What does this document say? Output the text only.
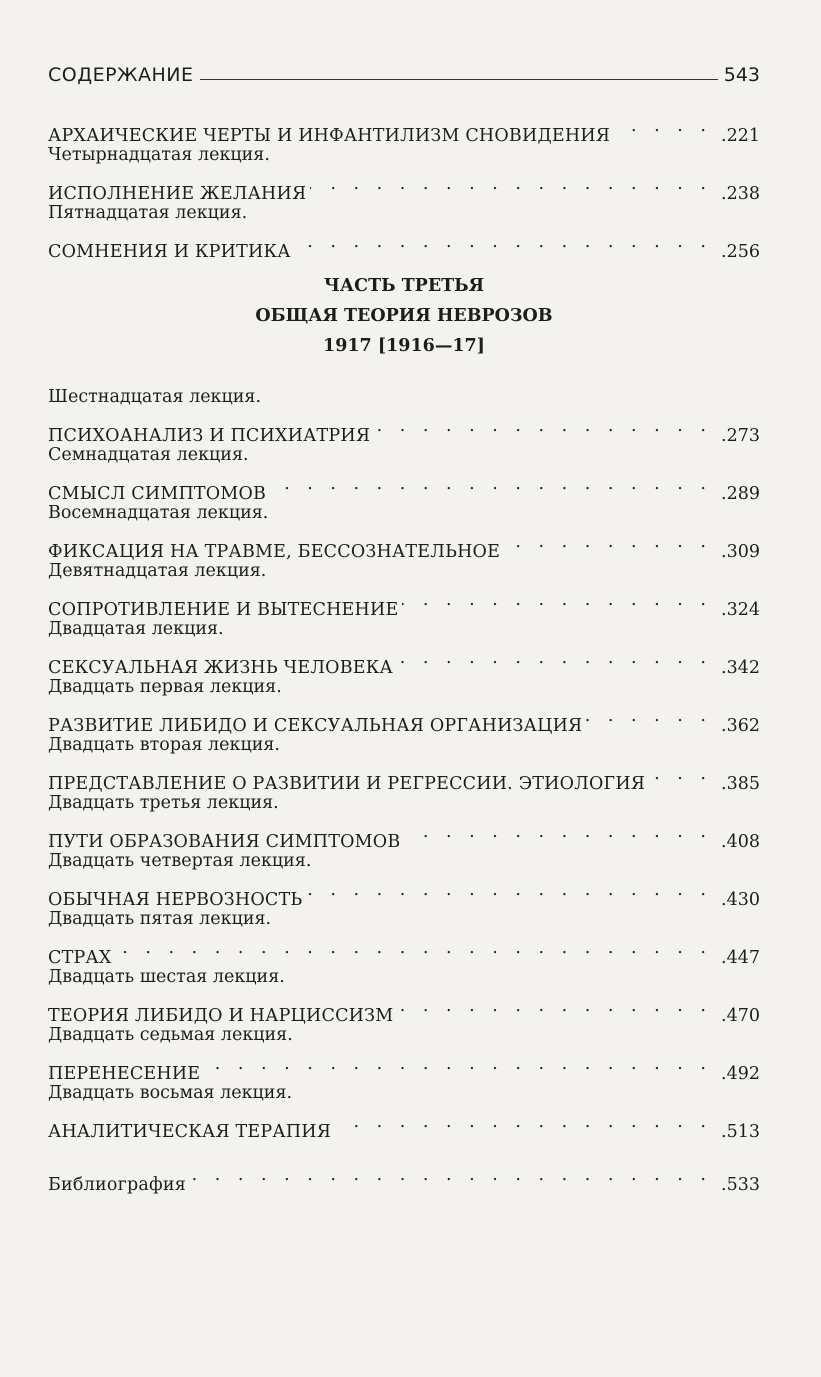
СОДЕРЖАНИЕ	543
АРХАИЧЕСКИЕ ЧЕРТЫ И ИНФАНТИЛИЗМ СНОВИДЕНИЯ . . .	.221
Четырнадцатая лекция.
ИСПОЛНЕНИЕ ЖЕЛАНИЯ . . .	.238
Пятнадцатая лекция.
СОМНЕНИЯ И КРИТИКА . . .	.256
ЧАСТЬ ТРЕТЬЯ
ОБЩАЯ ТЕОРИЯ НЕВРОЗОВ
1917 [1916—17]
Шестнадцатая лекция.
ПСИХОАНАЛИЗ И ПСИХИАТРИЯ . . .	.273
Семнадцатая лекция.
СМЫСЛ СИМПТОМОВ . . .	.289
Восемнадцатая лекция.
ФИКСАЦИЯ НА ТРАВМЕ, БЕССОЗНАТЕЛЬНОЕ . . .	.309
Девятнадцатая лекция.
СОПРОТИВЛЕНИЕ И ВЫТЕСНЕНИЕ . . .	.324
Двадцатая лекция.
СЕКСУАЛЬНАЯ ЖИЗНЬ ЧЕЛОВЕКА . . .	.342
Двадцать первая лекция.
РАЗВИТИЕ ЛИБИДО И СЕКСУАЛЬНАЯ ОРГАНИЗАЦИЯ . . .	.362
Двадцать вторая лекция.
ПРЕДСТАВЛЕНИЕ О РАЗВИТИИ И РЕГРЕССИИ. ЭТИОЛОГИЯ . . .	.385
Двадцать третья лекция.
ПУТИ ОБРАЗОВАНИЯ СИМПТОМОВ . . .	.408
Двадцать четвертая лекция.
ОБЫЧНАЯ НЕРВОЗНОСТЬ . . .	.430
Двадцать пятая лекция.
СТРАХ . . .	.447
Двадцать шестая лекция.
ТЕОРИЯ ЛИБИДО И НАРЦИССИЗМ . . .	.470
Двадцать седьмая лекция.
ПЕРЕНЕСЕНИЕ . . .	.492
Двадцать восьмая лекция.
АНАЛИТИЧЕСКАЯ ТЕРАПИЯ . . .	.513
Библиография . . .	.533
